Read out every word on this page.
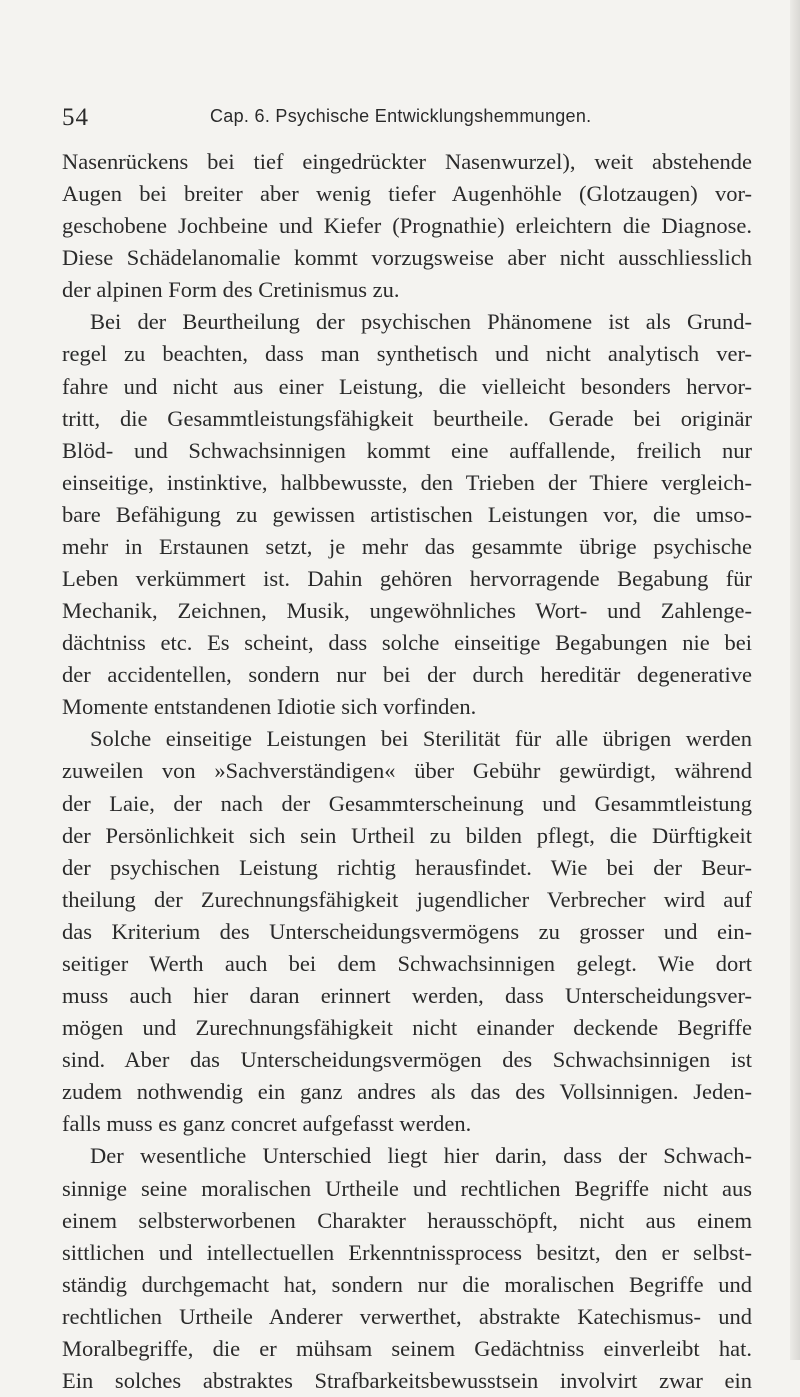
54	Cap. 6. Psychische Entwicklungshemmungen.
Nasenrückens bei tief eingedrückter Nasenwurzel), weit abstehende
Augen bei breiter aber wenig tiefer Augenhöhle (Glotzaugen) vor-
geschobene Jochbeine und Kiefer (Prognathie) erleichtern die Diagnose.
Diese Schädelanomalie kommt vorzugsweise aber nicht ausschliesslich
der alpinen Form des Cretinismus zu.
Bei der Beurtheilung der psychischen Phänomene ist als Grund-
regel zu beachten, dass man synthetisch und nicht analytisch ver-
fahre und nicht aus einer Leistung, die vielleicht besonders hervor-
tritt, die Gesammtleistungsfähigkeit beurtheile. Gerade bei originär
Blöd- und Schwachsinnigen kommt eine auffallende, freilich nur
einseitige, instinktive, halbbewusste, den Trieben der Thiere vergleich-
bare Befähigung zu gewissen artistischen Leistungen vor, die umso-
mehr in Erstaunen setzt, je mehr das gesammte übrige psychische
Leben verkümmert ist. Dahin gehören hervorragende Begabung für
Mechanik, Zeichnen, Musik, ungewöhnliches Wort- und Zahlenge-
dächtniss etc. Es scheint, dass solche einseitige Begabungen nie bei
der accidentellen, sondern nur bei der durch hereditär degenerative
Momente entstandenen Idiotie sich vorfinden.
Solche einseitige Leistungen bei Sterilität für alle übrigen werden
zuweilen von »Sachverständigen« über Gebühr gewürdigt, während
der Laie, der nach der Gesammterscheinung und Gesammtleistung
der Persönlichkeit sich sein Urtheil zu bilden pflegt, die Dürftigkeit
der psychischen Leistung richtig herausfindet. Wie bei der Beur-
theilung der Zurechnungsfähigkeit jugendlicher Verbrecher wird auf
das Kriterium des Unterscheidungsvermögens zu grosser und ein-
seitiger Werth auch bei dem Schwachsinnigen gelegt. Wie dort
muss auch hier daran erinnert werden, dass Unterscheidungsver-
mögen und Zurechnungsfähigkeit nicht einander deckende Begriffe
sind. Aber das Unterscheidungsvermögen des Schwachsinnigen ist
zudem nothwendig ein ganz andres als das des Vollsinnigen. Jeden-
falls muss es ganz concret aufgefasst werden.
Der wesentliche Unterschied liegt hier darin, dass der Schwach-
sinnige seine moralischen Urtheile und rechtlichen Begriffe nicht aus
einem selbsterworbenen Charakter herausschöpft, nicht aus einem
sittlichen und intellectuellen Erkenntnissprocess besitzt, den er selbst-
ständig durchgemacht hat, sondern nur die moralischen Begriffe und
rechtlichen Urtheile Anderer verwerthet, abstrakte Katechismus- und
Moralbegriffe, die er mühsam seinem Gedächtniss einverleibt hat.
Ein solches abstraktes Strafbarkeitsbewusstsein involvirt zwar ein
